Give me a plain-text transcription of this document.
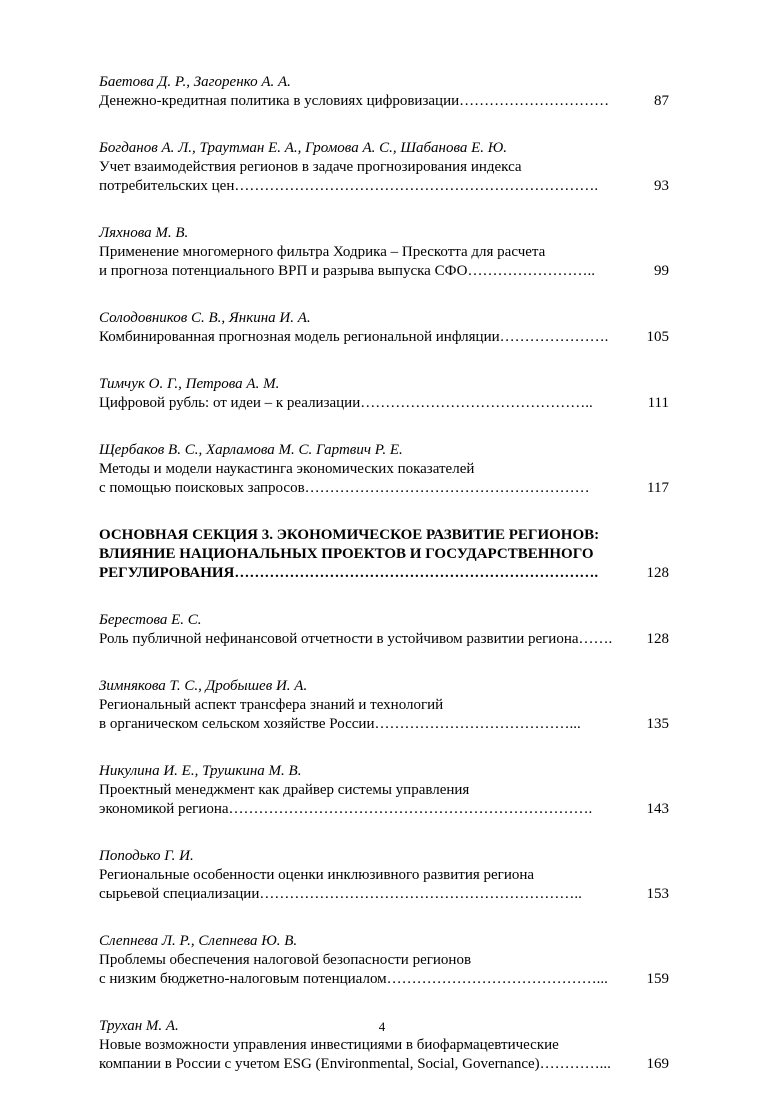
Баетова Д. Р., Загоренко А. А.
Денежно-кредитная политика в условиях цифровизации…………………………	87
Богданов А. Л., Траутман Е. А., Громова А. С., Шабанова Е. Ю.
Учет взаимодействия регионов в задаче прогнозирования индекса
потребительских цен……………………………………………………………….	93
Ляхнова М. В.
Применение многомерного фильтра Ходрика – Прескотта для расчета
и прогноза потенциального ВРП и разрыва выпуска СФО……………………..	99
Солодовников С. В., Янкина И. А.
Комбинированная прогнозная модель региональной инфляции………………….	105
Тимчук О. Г., Петрова А. М.
Цифровой рубль: от идеи – к реализации………………………………………..	111
Щербаков В. С., Харламова М. С. Гартвич Р. Е.
Методы и модели наукастинга экономических показателей
с помощью поисковых запросов…………………………………………………	117
ОСНОВНАЯ СЕКЦИЯ 3. ЭКОНОМИЧЕСКОЕ РАЗВИТИЕ РЕГИОНОВ:
ВЛИЯНИЕ НАЦИОНАЛЬНЫХ ПРОЕКТОВ И ГОСУДАРСТВЕННОГО
РЕГУЛИРОВАНИЯ……………………………………………………………….	128
Берестова Е. С.
Роль публичной нефинансовой отчетности в устойчивом развитии региона…….	128
Зимнякова Т. С., Дробышев И. А.
Региональный аспект трансфера знаний и технологий
в органическом сельском хозяйстве России…………………………………...	135
Никулина И. Е., Трушкина М. В.
Проектный менеджмент как драйвер системы управления
экономикой региона……………………………………………………………….	143
Поподько Г. И.
Региональные особенности оценки инклюзивного развития региона
сырьевой специализации………………………………………………………..	153
Слепнева Л. Р., Слепнева Ю. В.
Проблемы обеспечения налоговой безопасности регионов
с низким бюджетно-налоговым потенциалом……………………………………...	159
Трухан М. А.
Новые возможности управления инвестициями в биофармацевтические
компании в России с учетом ESG (Environmental, Social, Governance)…………...	169
4
